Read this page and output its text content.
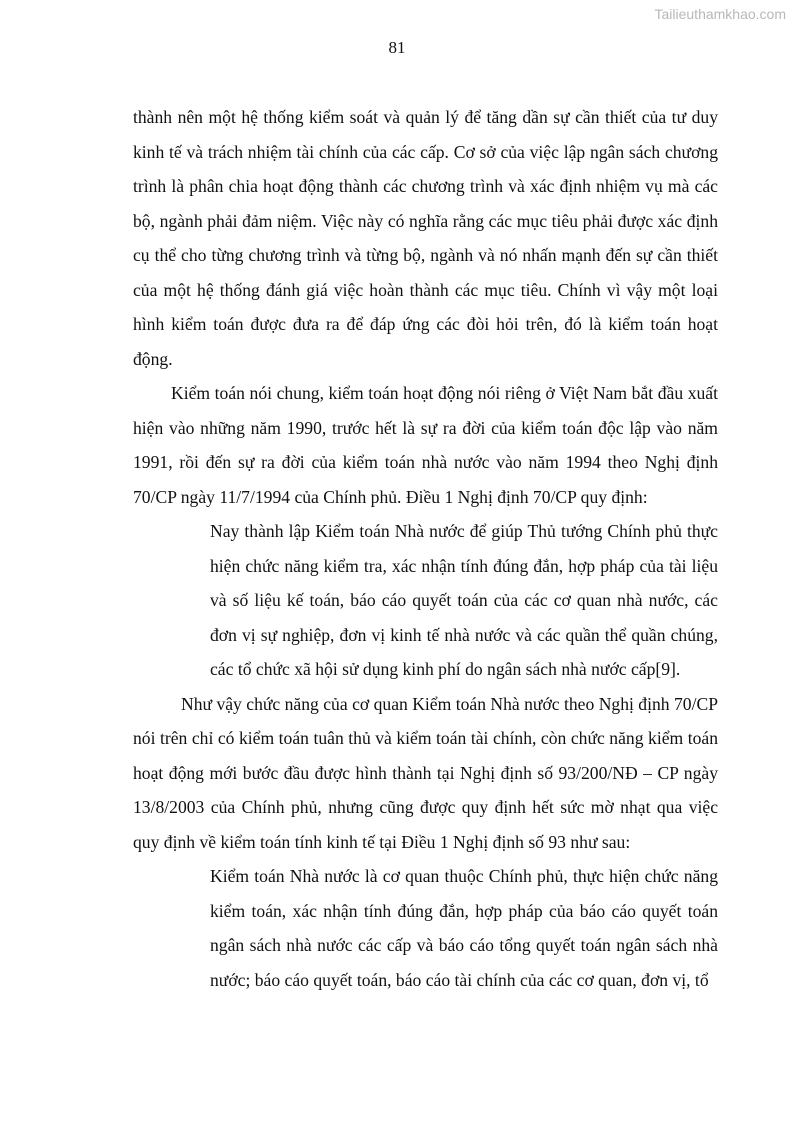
Tailieuthamkhao.com
81

thành nên một hệ thống kiểm soát và quản lý để tăng dần sự cần thiết của tư duy kinh tế và trách nhiệm tài chính của các cấp. Cơ sở của việc lập ngân sách chương trình là phân chia hoạt động thành các chương trình và xác định nhiệm vụ mà các bộ, ngành phải đảm niệm. Việc này có nghĩa rằng các mục tiêu phải được xác định cụ thể cho từng chương trình và từng bộ, ngành và nó nhấn mạnh đến sự cần thiết của một hệ thống đánh giá việc hoàn thành các mục tiêu. Chính vì vậy một loại hình kiểm toán được đưa ra để đáp ứng các đòi hỏi trên, đó là kiểm toán hoạt động.

Kiểm toán nói chung, kiểm toán hoạt động nói riêng ở Việt Nam bắt đầu xuất hiện vào những năm 1990, trước hết là sự ra đời của kiểm toán độc lập vào năm 1991, rồi đến sự ra đời của kiểm toán nhà nước vào năm 1994 theo Nghị định 70/CP ngày 11/7/1994 của Chính phủ. Điều 1 Nghị định 70/CP quy định:

Nay thành lập Kiểm toán Nhà nước để giúp Thủ tướng Chính phủ thực hiện chức năng kiểm tra, xác nhận tính đúng đắn, hợp pháp của tài liệu và số liệu kế toán, báo cáo quyết toán của các cơ quan nhà nước, các đơn vị sự nghiệp, đơn vị kinh tế nhà nước và các quần thể quần chúng, các tổ chức xã hội sử dụng kinh phí do ngân sách nhà nước cấp[9].

Như vậy chức năng của cơ quan Kiểm toán Nhà nước theo Nghị định 70/CP nói trên chỉ có kiểm toán tuân thủ và kiểm toán tài chính, còn chức năng kiểm toán hoạt động mới bước đầu được hình thành tại Nghị định số 93/200/NĐ – CP ngày 13/8/2003 của Chính phủ, nhưng cũng được quy định hết sức mờ nhạt qua việc quy định về kiểm toán tính kinh tế tại Điều 1 Nghị định số 93 như sau:

Kiểm toán Nhà nước là cơ quan thuộc Chính phủ, thực hiện chức năng kiểm toán, xác nhận tính đúng đắn, hợp pháp của báo cáo quyết toán ngân sách nhà nước các cấp và báo cáo tổng quyết toán ngân sách nhà nước; báo cáo quyết toán, báo cáo tài chính của các cơ quan, đơn vị, tổ
